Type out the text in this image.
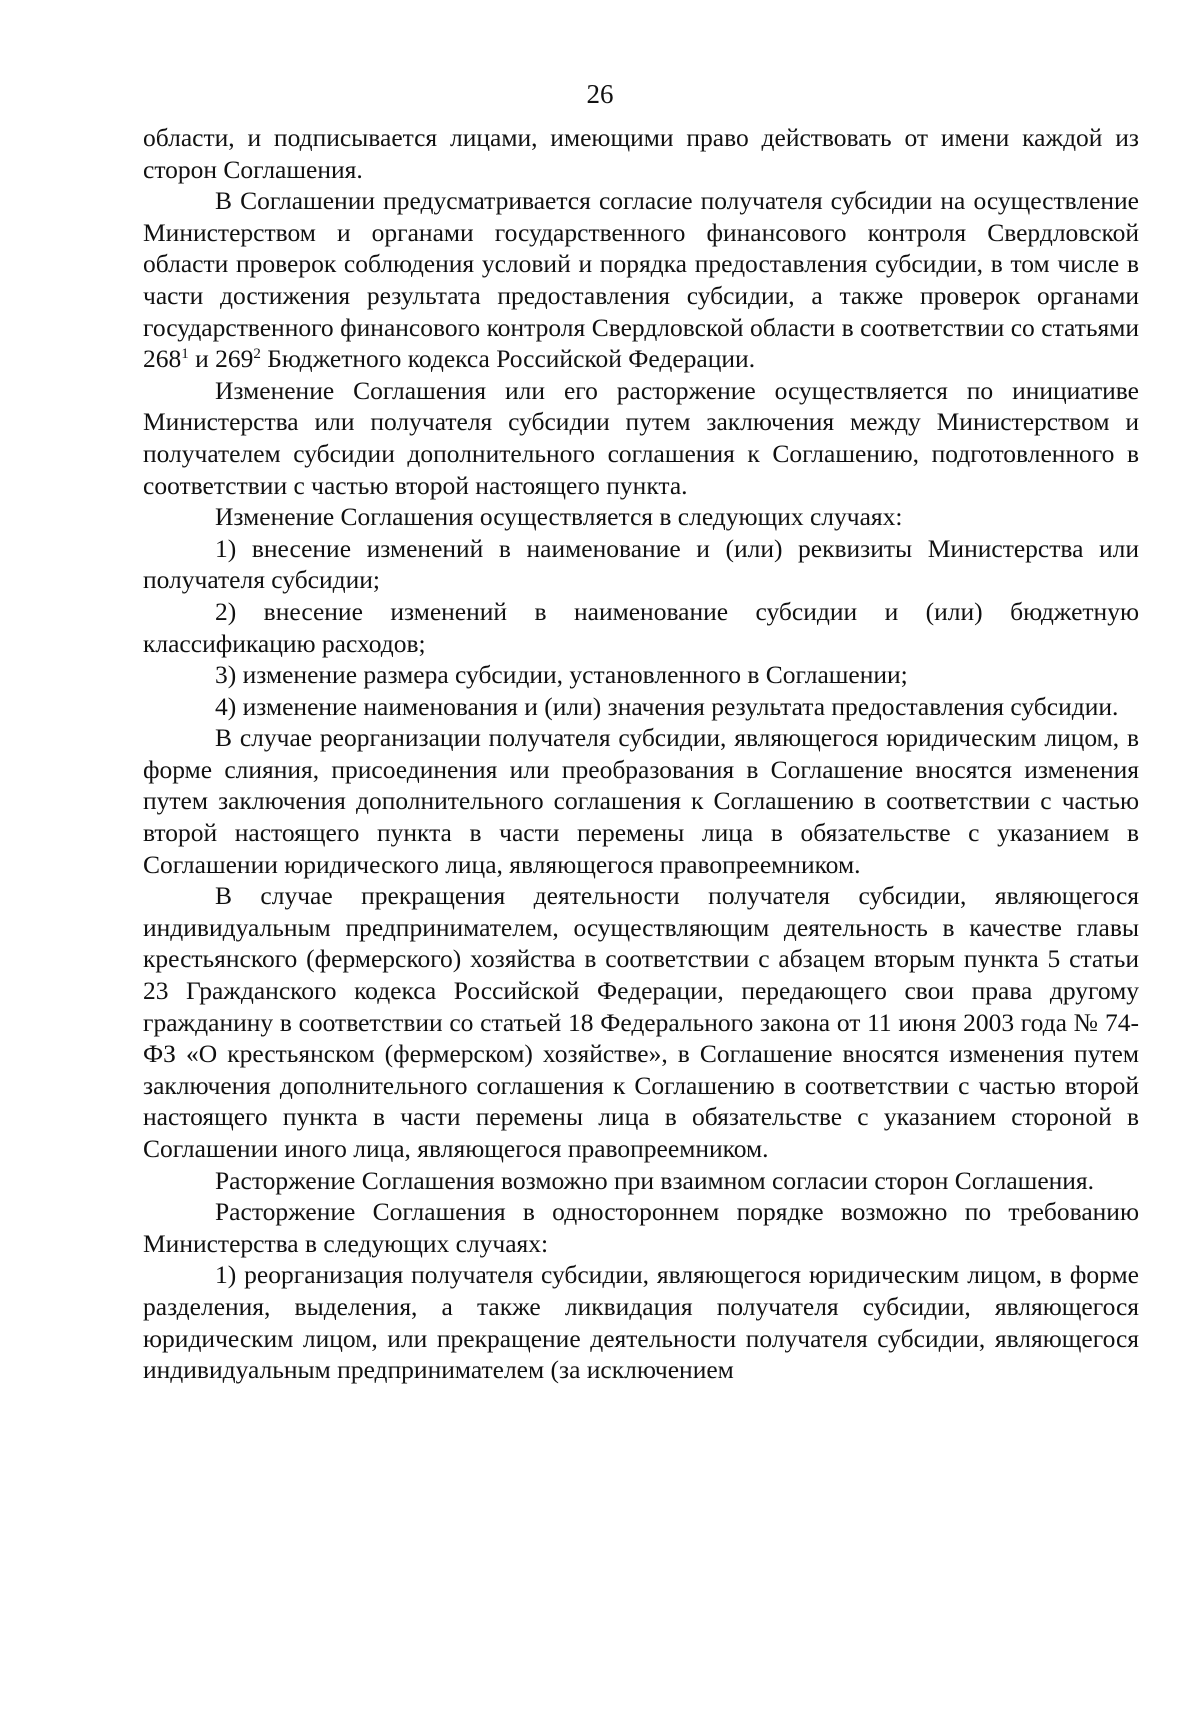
26

области, и подписывается лицами, имеющими право действовать от имени каждой из сторон Соглашения.

В Соглашении предусматривается согласие получателя субсидии на осуществление Министерством и органами государственного финансового контроля Свердловской области проверок соблюдения условий и порядка предоставления субсидии, в том числе в части достижения результата предоставления субсидии, а также проверок органами государственного финансового контроля Свердловской области в соответствии со статьями $268^1$ и $269^2$ Бюджетного кодекса Российской Федерации.

Изменение Соглашения или его расторжение осуществляется по инициативе Министерства или получателя субсидии путем заключения между Министерством и получателем субсидии дополнительного соглашения к Соглашению, подготовленного в соответствии с частью второй настоящего пункта.

Изменение Соглашения осуществляется в следующих случаях:

1) внесение изменений в наименование и (или) реквизиты Министерства или получателя субсидии;

2) внесение изменений в наименование субсидии и (или) бюджетную классификацию расходов;

3) изменение размера субсидии, установленного в Соглашении;

4) изменение наименования и (или) значения результата предоставления субсидии.

В случае реорганизации получателя субсидии, являющегося юридическим лицом, в форме слияния, присоединения или преобразования в Соглашение вносятся изменения путем заключения дополнительного соглашения к Соглашению в соответствии с частью второй настоящего пункта в части перемены лица в обязательстве с указанием в Соглашении юридического лица, являющегося правопреемником.

В случае прекращения деятельности получателя субсидии, являющегося индивидуальным предпринимателем, осуществляющим деятельность в качестве главы крестьянского (фермерского) хозяйства в соответствии с абзацем вторым пункта 5 статьи 23 Гражданского кодекса Российской Федерации, передающего свои права другому гражданину в соответствии со статьей 18 Федерального закона от 11 июня 2003 года № 74-ФЗ «О крестьянском (фермерском) хозяйстве», в Соглашение вносятся изменения путем заключения дополнительного соглашения к Соглашению в соответствии с частью второй настоящего пункта в части перемены лица в обязательстве с указанием стороной в Соглашении иного лица, являющегося правопреемником.

Расторжение Соглашения возможно при взаимном согласии сторон Соглашения.

Расторжение Соглашения в одностороннем порядке возможно по требованию Министерства в следующих случаях:

1) реорганизация получателя субсидии, являющегося юридическим лицом, в форме разделения, выделения, а также ликвидация получателя субсидии, являющегося юридическим лицом, или прекращение деятельности получателя субсидии, являющегося индивидуальным предпринимателем (за исключением
